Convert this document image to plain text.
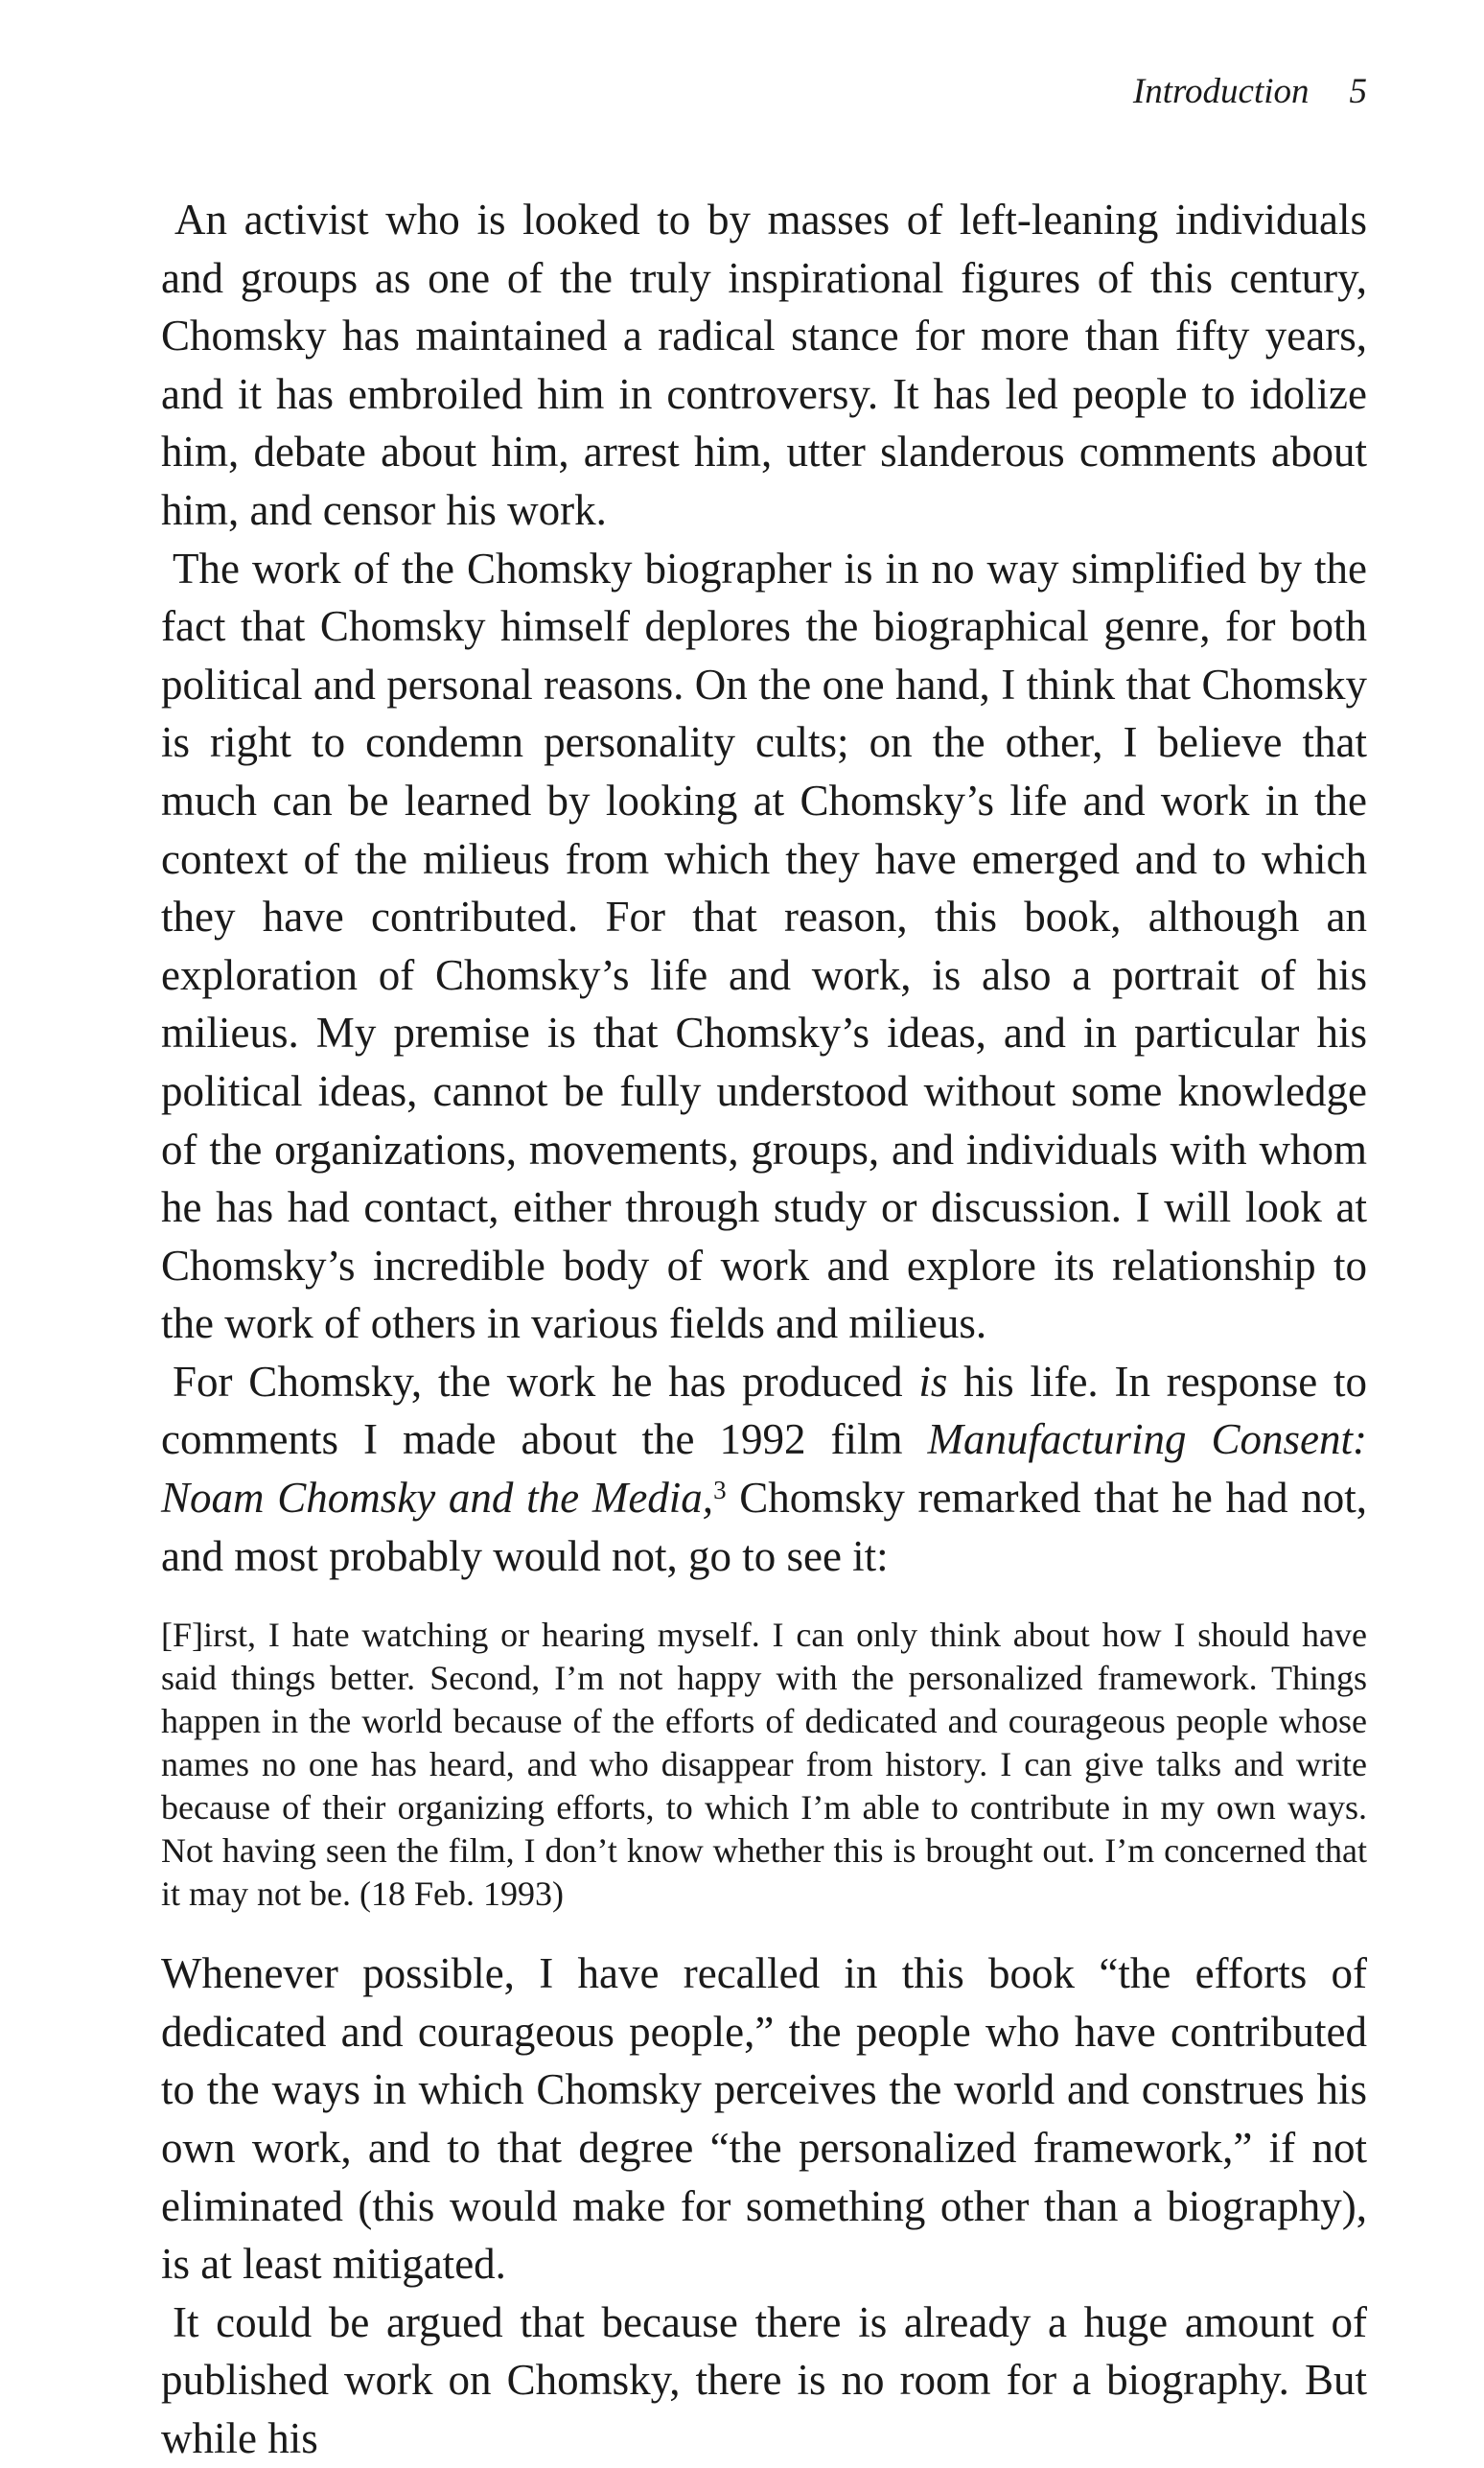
Introduction 5

An activist who is looked to by masses of left-leaning individuals and groups as one of the truly inspirational figures of this century, Chomsky has maintained a radical stance for more than fifty years, and it has embroiled him in controversy. It has led people to idolize him, debate about him, arrest him, utter slanderous comments about him, and censor his work.

The work of the Chomsky biographer is in no way simplified by the fact that Chomsky himself deplores the biographical genre, for both political and personal reasons. On the one hand, I think that Chomsky is right to condemn personality cults; on the other, I believe that much can be learned by looking at Chomsky’s life and work in the context of the milieus from which they have emerged and to which they have contributed. For that reason, this book, although an exploration of Chomsky’s life and work, is also a portrait of his milieus. My premise is that Chomsky’s ideas, and in particular his political ideas, cannot be fully understood without some knowledge of the organizations, movements, groups, and individuals with whom he has had contact, either through study or discussion. I will look at Chomsky’s incredible body of work and explore its relationship to the work of others in various fields and milieus.

For Chomsky, the work he has produced is his life. In response to comments I made about the 1992 film Manufacturing Consent: Noam Chomsky and the Media,$^3$ Chomsky remarked that he had not, and most probably would not, go to see it:

[F]irst, I hate watching or hearing myself. I can only think about how I should have said things better. Second, I’m not happy with the personalized framework. Things happen in the world because of the efforts of dedicated and courageous people whose names no one has heard, and who disappear from history. I can give talks and write because of their organizing efforts, to which I’m able to contribute in my own ways. Not having seen the film, I don’t know whether this is brought out. I’m concerned that it may not be. (18 Feb. 1993)

Whenever possible, I have recalled in this book “the efforts of dedicated and courageous people,” the people who have contributed to the ways in which Chomsky perceives the world and construes his own work, and to that degree “the personalized framework,” if not eliminated (this would make for something other than a biography), is at least mitigated.

It could be argued that because there is already a huge amount of published work on Chomsky, there is no room for a biography. But while his
